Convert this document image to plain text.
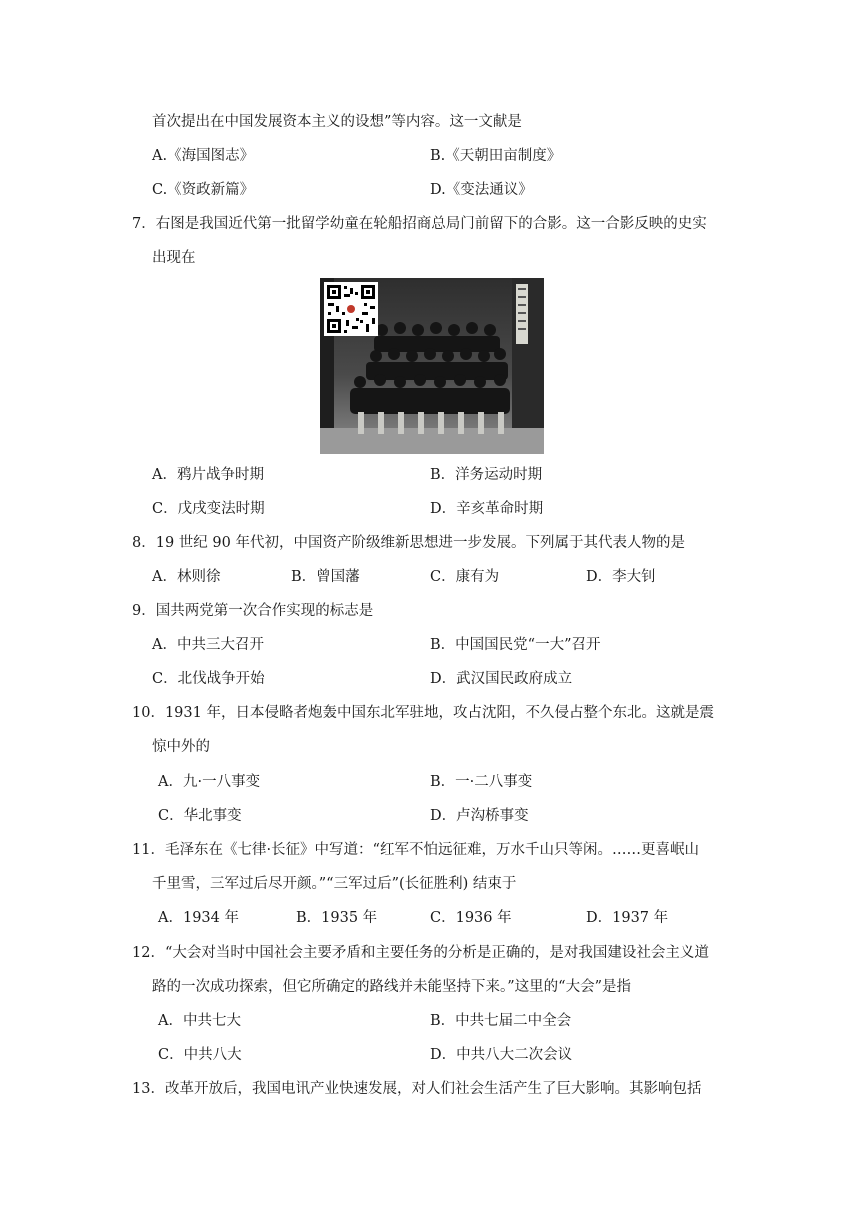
首次提出在中国发展资本主义的设想”等内容。这一文献是
A.《海国图志》	B.《天朝田亩制度》
C.《资政新篇》	D.《变法通议》
7．右图是我国近代第一批留学幼童在轮船招商总局门前留下的合影。这一合影反映的史实
出现在
A．鸦片战争时期	B．洋务运动时期
C．戊戌变法时期	D．辛亥革命时期
8．19 世纪 90 年代初，中国资产阶级维新思想进一步发展。下列属于其代表人物的是
A．林则徐	B．曾国藩	C．康有为	D．李大钊
9．国共两党第一次合作实现的标志是
A．中共三大召开	B．中国国民党“一大”召开
C．北伐战争开始	D．武汉国民政府成立
10．1931 年，日本侵略者炮轰中国东北军驻地，攻占沈阳，不久侵占整个东北。这就是震
惊中外的
A．九·一八事变	B．一·二八事变
C．华北事变	D．卢沟桥事变
11．毛泽东在《七律·长征》中写道：“红军不怕远征难，万水千山只等闲。……更喜岷山
千里雪，三军过后尽开颜。”“三军过后”(长征胜利) 结束于
A．1934 年	B．1935 年	C．1936 年	D．1937 年
12．“大会对当时中国社会主要矛盾和主要任务的分析是正确的，是对我国建设社会主义道
路的一次成功探索，但它所确定的路线并未能坚持下来。”这里的“大会”是指
A．中共七大	B．中共七届二中全会
C．中共八大	D．中共八大二次会议
13．改革开放后，我国电讯产业快速发展，对人们社会生活产生了巨大影响。其影响包括
